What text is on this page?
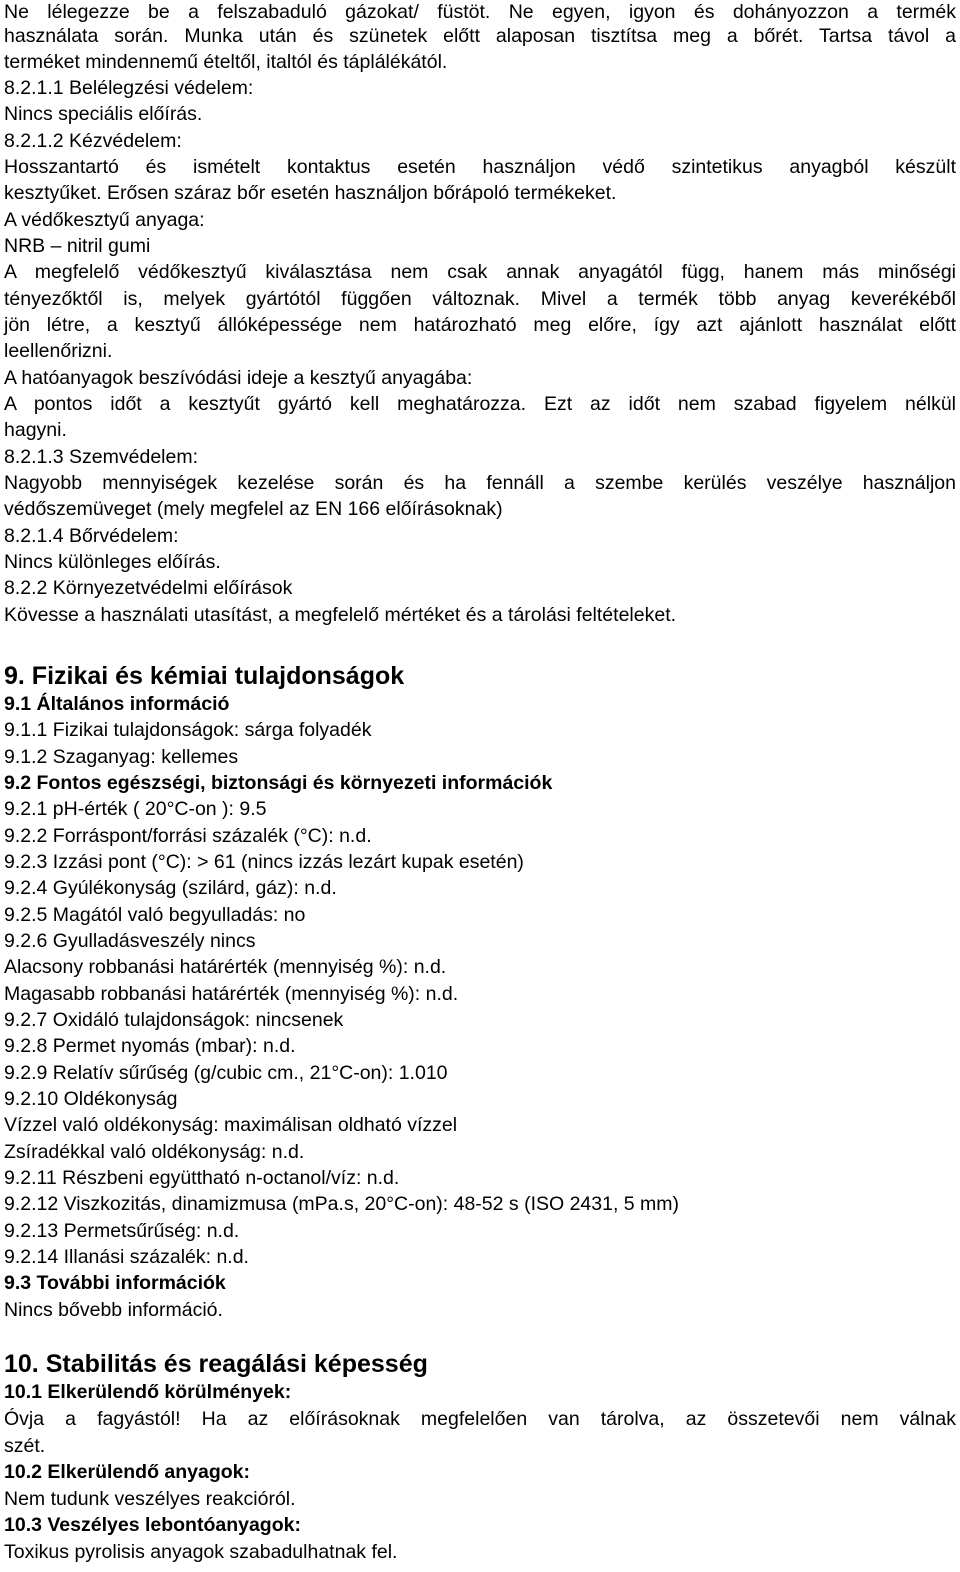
Ne lélegezze be a felszabaduló gázokat/ füstöt. Ne egyen, igyon és dohányozzon a termék
használata során. Munka után és szünetek előtt alaposan tisztítsa meg a bőrét. Tartsa távol a
terméket mindennemű ételtől, italtól és táplálékától.
8.2.1.1 Belélegzési védelem:
Nincs speciális előírás.
8.2.1.2 Kézvédelem:
Hosszantartó és ismételt kontaktus esetén használjon védő szintetikus anyagból készült
kesztyűket. Erősen száraz bőr esetén használjon bőrápoló termékeket.
A védőkesztyű anyaga:
NRB – nitril gumi
A megfelelő védőkesztyű kiválasztása nem csak annak anyagától függ, hanem más minőségi
tényezőktől is, melyek gyártótól függően változnak. Mivel a termék több anyag keverékéből
jön létre, a kesztyű állóképessége nem határozható meg előre, így azt ajánlott használat előtt
leellenőrizni.
A hatóanyagok beszívódási ideje a kesztyű anyagába:
A pontos időt a kesztyűt gyártó kell meghatározza. Ezt az időt nem szabad figyelem nélkül
hagyni.
8.2.1.3 Szemvédelem:
Nagyobb mennyiségek kezelése során és ha fennáll a szembe kerülés veszélye használjon
védőszemüveget (mely megfelel az EN 166 előírásoknak)
8.2.1.4 Bőrvédelem:
Nincs különleges előírás.
8.2.2 Környezetvédelmi előírások
Kövesse a használati utasítást, a megfelelő mértéket és a tárolási feltételeket.
9. Fizikai és kémiai tulajdonságok
9.1 Általános információ
9.1.1 Fizikai tulajdonságok: sárga folyadék
9.1.2 Szaganyag: kellemes
9.2 Fontos egészségi, biztonsági és környezeti információk
9.2.1 pH-érték ( 20°C-on ): 9.5
9.2.2 Forráspont/forrási százalék (°C): n.d.
9.2.3 Izzási pont (°C): > 61 (nincs izzás lezárt kupak esetén)
9.2.4 Gyúlékonyság (szilárd, gáz): n.d.
9.2.5 Magától való begyulladás: no
9.2.6 Gyulladásveszély nincs
Alacsony robbanási határérték (mennyiség %): n.d.
Magasabb robbanási határérték (mennyiség %): n.d.
9.2.7 Oxidáló tulajdonságok: nincsenek
9.2.8 Permet nyomás (mbar): n.d.
9.2.9 Relatív sűrűség (g/cubic cm., 21°C-on): 1.010
9.2.10 Oldékonyság
Vízzel való oldékonyság: maximálisan oldható vízzel
Zsíradékkal való oldékonyság: n.d.
9.2.11 Részbeni együttható n-octanol/víz: n.d.
9.2.12 Viszkozitás, dinamizmusa (mPa.s, 20°C-on): 48-52 s (ISO 2431, 5 mm)
9.2.13 Permetsűrűség: n.d.
9.2.14 Illanási százalék: n.d.
9.3 További információk
Nincs bővebb információ.
10. Stabilitás és reagálási képesség
10.1 Elkerülendő körülmények:
Óvja a fagyástól! Ha az előírásoknak megfelelően van tárolva, az összetevői nem válnak
szét.
10.2 Elkerülendő anyagok:
Nem tudunk veszélyes reakcióról.
10.3 Veszélyes lebontóanyagok:
Toxikus pyrolisis anyagok szabadulhatnak fel.
